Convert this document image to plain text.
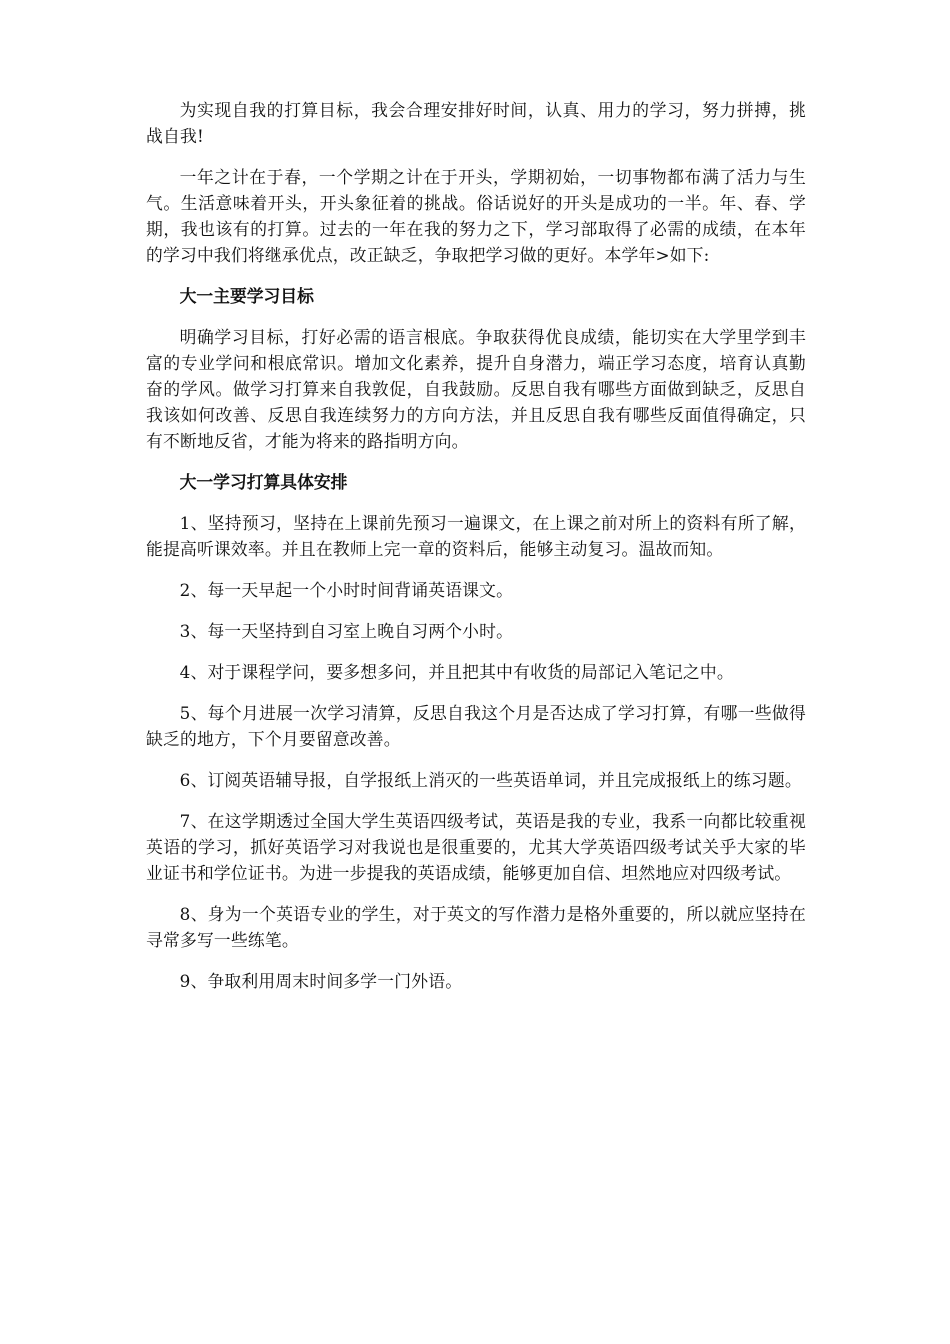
为实现自我的打算目标，我会合理安排好时间，认真、用力的学习，努力拼搏，挑战自我!

一年之计在于春，一个学期之计在于开头，学期初始，一切事物都布满了活力与生气。生活意味着开头，开头象征着的挑战。俗话说好的开头是成功的一半。年、春、学期，我也该有的打算。过去的一年在我的努力之下，学习部取得了必需的成绩，在本年的学习中我们将继承优点，改正缺乏，争取把学习做的更好。本学年>如下:

大一主要学习目标

明确学习目标，打好必需的语言根底。争取获得优良成绩，能切实在大学里学到丰富的专业学问和根底常识。增加文化素养，提升自身潜力，端正学习态度，培育认真勤奋的学风。做学习打算来自我敦促，自我鼓励。反思自我有哪些方面做到缺乏，反思自我该如何改善、反思自我连续努力的方向方法，并且反思自我有哪些反面值得确定，只有不断地反省，才能为将来的路指明方向。

大一学习打算具体安排

1、坚持预习，坚持在上课前先预习一遍课文，在上课之前对所上的资料有所了解，能提高听课效率。并且在教师上完一章的资料后，能够主动复习。温故而知。

2、每一天早起一个小时时间背诵英语课文。

3、每一天坚持到自习室上晚自习两个小时。

4、对于课程学问，要多想多问，并且把其中有收货的局部记入笔记之中。

5、每个月进展一次学习清算，反思自我这个月是否达成了学习打算，有哪一些做得缺乏的地方，下个月要留意改善。

6、订阅英语辅导报，自学报纸上消灭的一些英语单词，并且完成报纸上的练习题。

7、在这学期透过全国大学生英语四级考试，英语是我的专业，我系一向都比较重视英语的学习，抓好英语学习对我说也是很重要的，尤其大学英语四级考试关乎大家的毕业证书和学位证书。为进一步提我的英语成绩，能够更加自信、坦然地应对四级考试。

8、身为一个英语专业的学生，对于英文的写作潜力是格外重要的，所以就应坚持在寻常多写一些练笔。

9、争取利用周末时间多学一门外语。
